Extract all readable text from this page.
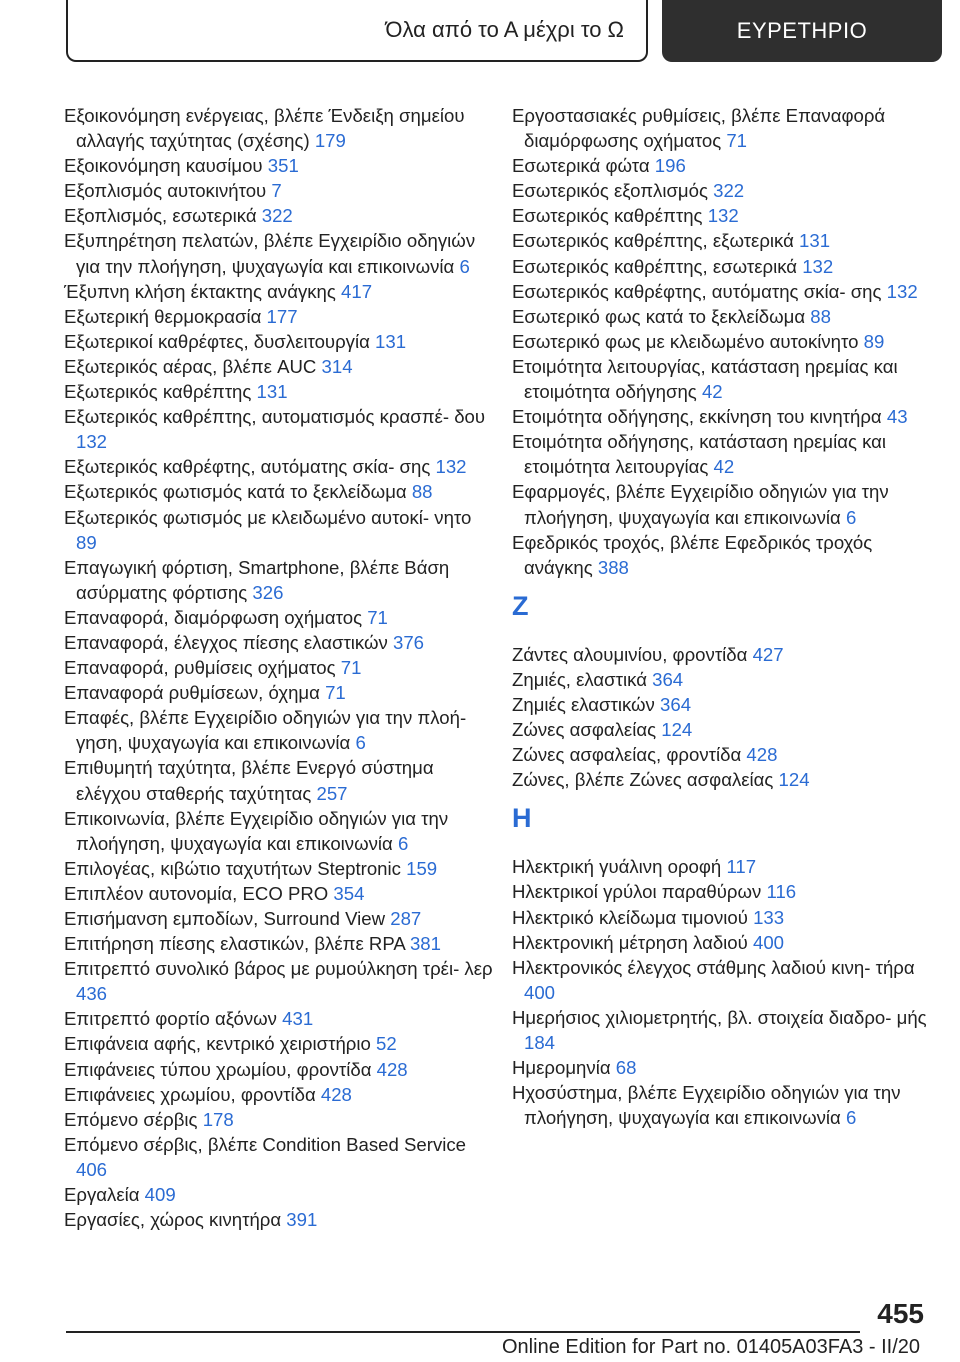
Όλα από το Α μέχρι το Ω	ΕΥΡΕΤΗΡΙΟ

Εξοικονόμηση ενέργειας, βλέπε Ένδειξη σημείου αλλαγής ταχύτητας (σχέσης) 179

Εξοικονόμηση καυσίμου 351

Εξοπλισμός αυτοκινήτου 7

Εξοπλισμός, εσωτερικά 322

Εξυπηρέτηση πελατών, βλέπε Εγχειρίδιο οδηγιών για την πλοήγηση, ψυχαγωγία και επικοινωνία 6

Έξυπνη κλήση έκτακτης ανάγκης 417

Εξωτερική θερμοκρασία 177

Εξωτερικοί καθρέφτες, δυσλειτουργία 131

Εξωτερικός αέρας, βλέπε AUC 314

Εξωτερικός καθρέπτης 131

Εξωτερικός καθρέπτης, αυτοματισμός κρασπέ- δου 132

Εξωτερικός καθρέφτης, αυτόματης σκία- σης 132

Εξωτερικός φωτισμός κατά το ξεκλείδωμα 88

Εξωτερικός φωτισμός με κλειδωμένο αυτοκί- νητο 89

Επαγωγική φόρτιση, Smartphone, βλέπε Βάση ασύρματης φόρτισης 326

Επαναφορά, διαμόρφωση οχήματος 71

Επαναφορά, έλεγχος πίεσης ελαστικών 376

Επαναφορά, ρυθμίσεις οχήματος 71

Επαναφορά ρυθμίσεων, όχημα 71

Επαφές, βλέπε Εγχειρίδιο οδηγιών για την πλοή- γηση, ψυχαγωγία και επικοινωνία 6

Επιθυμητή ταχύτητα, βλέπε Ενεργό σύστημα ελέγχου σταθερής ταχύτητας 257

Επικοινωνία, βλέπε Εγχειρίδιο οδηγιών για την πλοήγηση, ψυχαγωγία και επικοινωνία 6

Επιλογέας, κιβώτιο ταχυτήτων Steptronic 159

Επιπλέον αυτονομία, ECO PRO 354

Επισήμανση εμποδίων, Surround View 287

Επιτήρηση πίεσης ελαστικών, βλέπε RPA 381

Επιτρεπτό συνολικό βάρος με ρυμούλκηση τρέι- λερ 436

Επιτρεπτό φορτίο αξόνων 431

Επιφάνεια αφής, κεντρικό χειριστήριο 52

Επιφάνειες τύπου χρωμίου, φροντίδα 428

Επιφάνειες χρωμίου, φροντίδα 428

Επόμενο σέρβις 178

Επόμενο σέρβις, βλέπε Condition Based Service 406

Εργαλεία 409

Εργασίες, χώρος κινητήρα 391

Εργοστασιακές ρυθμίσεις, βλέπε Επαναφορά διαμόρφωσης οχήματος 71

Εσωτερικά φώτα 196

Εσωτερικός εξοπλισμός 322

Εσωτερικός καθρέπτης 132

Εσωτερικός καθρέπτης, εξωτερικά 131

Εσωτερικός καθρέπτης, εσωτερικά 132

Εσωτερικός καθρέφτης, αυτόματης σκία- σης 132

Εσωτερικό φως κατά το ξεκλείδωμα 88

Εσωτερικό φως με κλειδωμένο αυτοκίνητο 89

Ετοιμότητα λειτουργίας, κατάσταση ηρεμίας και ετοιμότητα οδήγησης 42

Ετοιμότητα οδήγησης, εκκίνηση του κινητήρα 43

Ετοιμότητα οδήγησης, κατάσταση ηρεμίας και ετοιμότητα λειτουργίας 42

Εφαρμογές, βλέπε Εγχειρίδιο οδηγιών για την πλοήγηση, ψυχαγωγία και επικοινωνία 6

Εφεδρικός τροχός, βλέπε Εφεδρικός τροχός ανάγκης 388

Z

Ζάντες αλουμινίου, φροντίδα 427

Ζημιές, ελαστικά 364

Ζημιές ελαστικών 364

Ζώνες ασφαλείας 124

Ζώνες ασφαλείας, φροντίδα 428

Ζώνες, βλέπε Ζώνες ασφαλείας 124

H

Ηλεκτρική γυάλινη οροφή 117

Ηλεκτρικοί γρύλοι παραθύρων 116

Ηλεκτρικό κλείδωμα τιμονιού 133

Ηλεκτρονική μέτρηση λαδιού 400

Ηλεκτρονικός έλεγχος στάθμης λαδιού κινη- τήρα 400

Ημερήσιος χιλιομετρητής, βλ. στοιχεία διαδρο- μής 184

Ημερομηνία 68

Ηχοσύστημα, βλέπε Εγχειρίδιο οδηγιών για την πλοήγηση, ψυχαγωγία και επικοινωνία 6

455
Online Edition for Part no. 01405A03FA3 - II/20
